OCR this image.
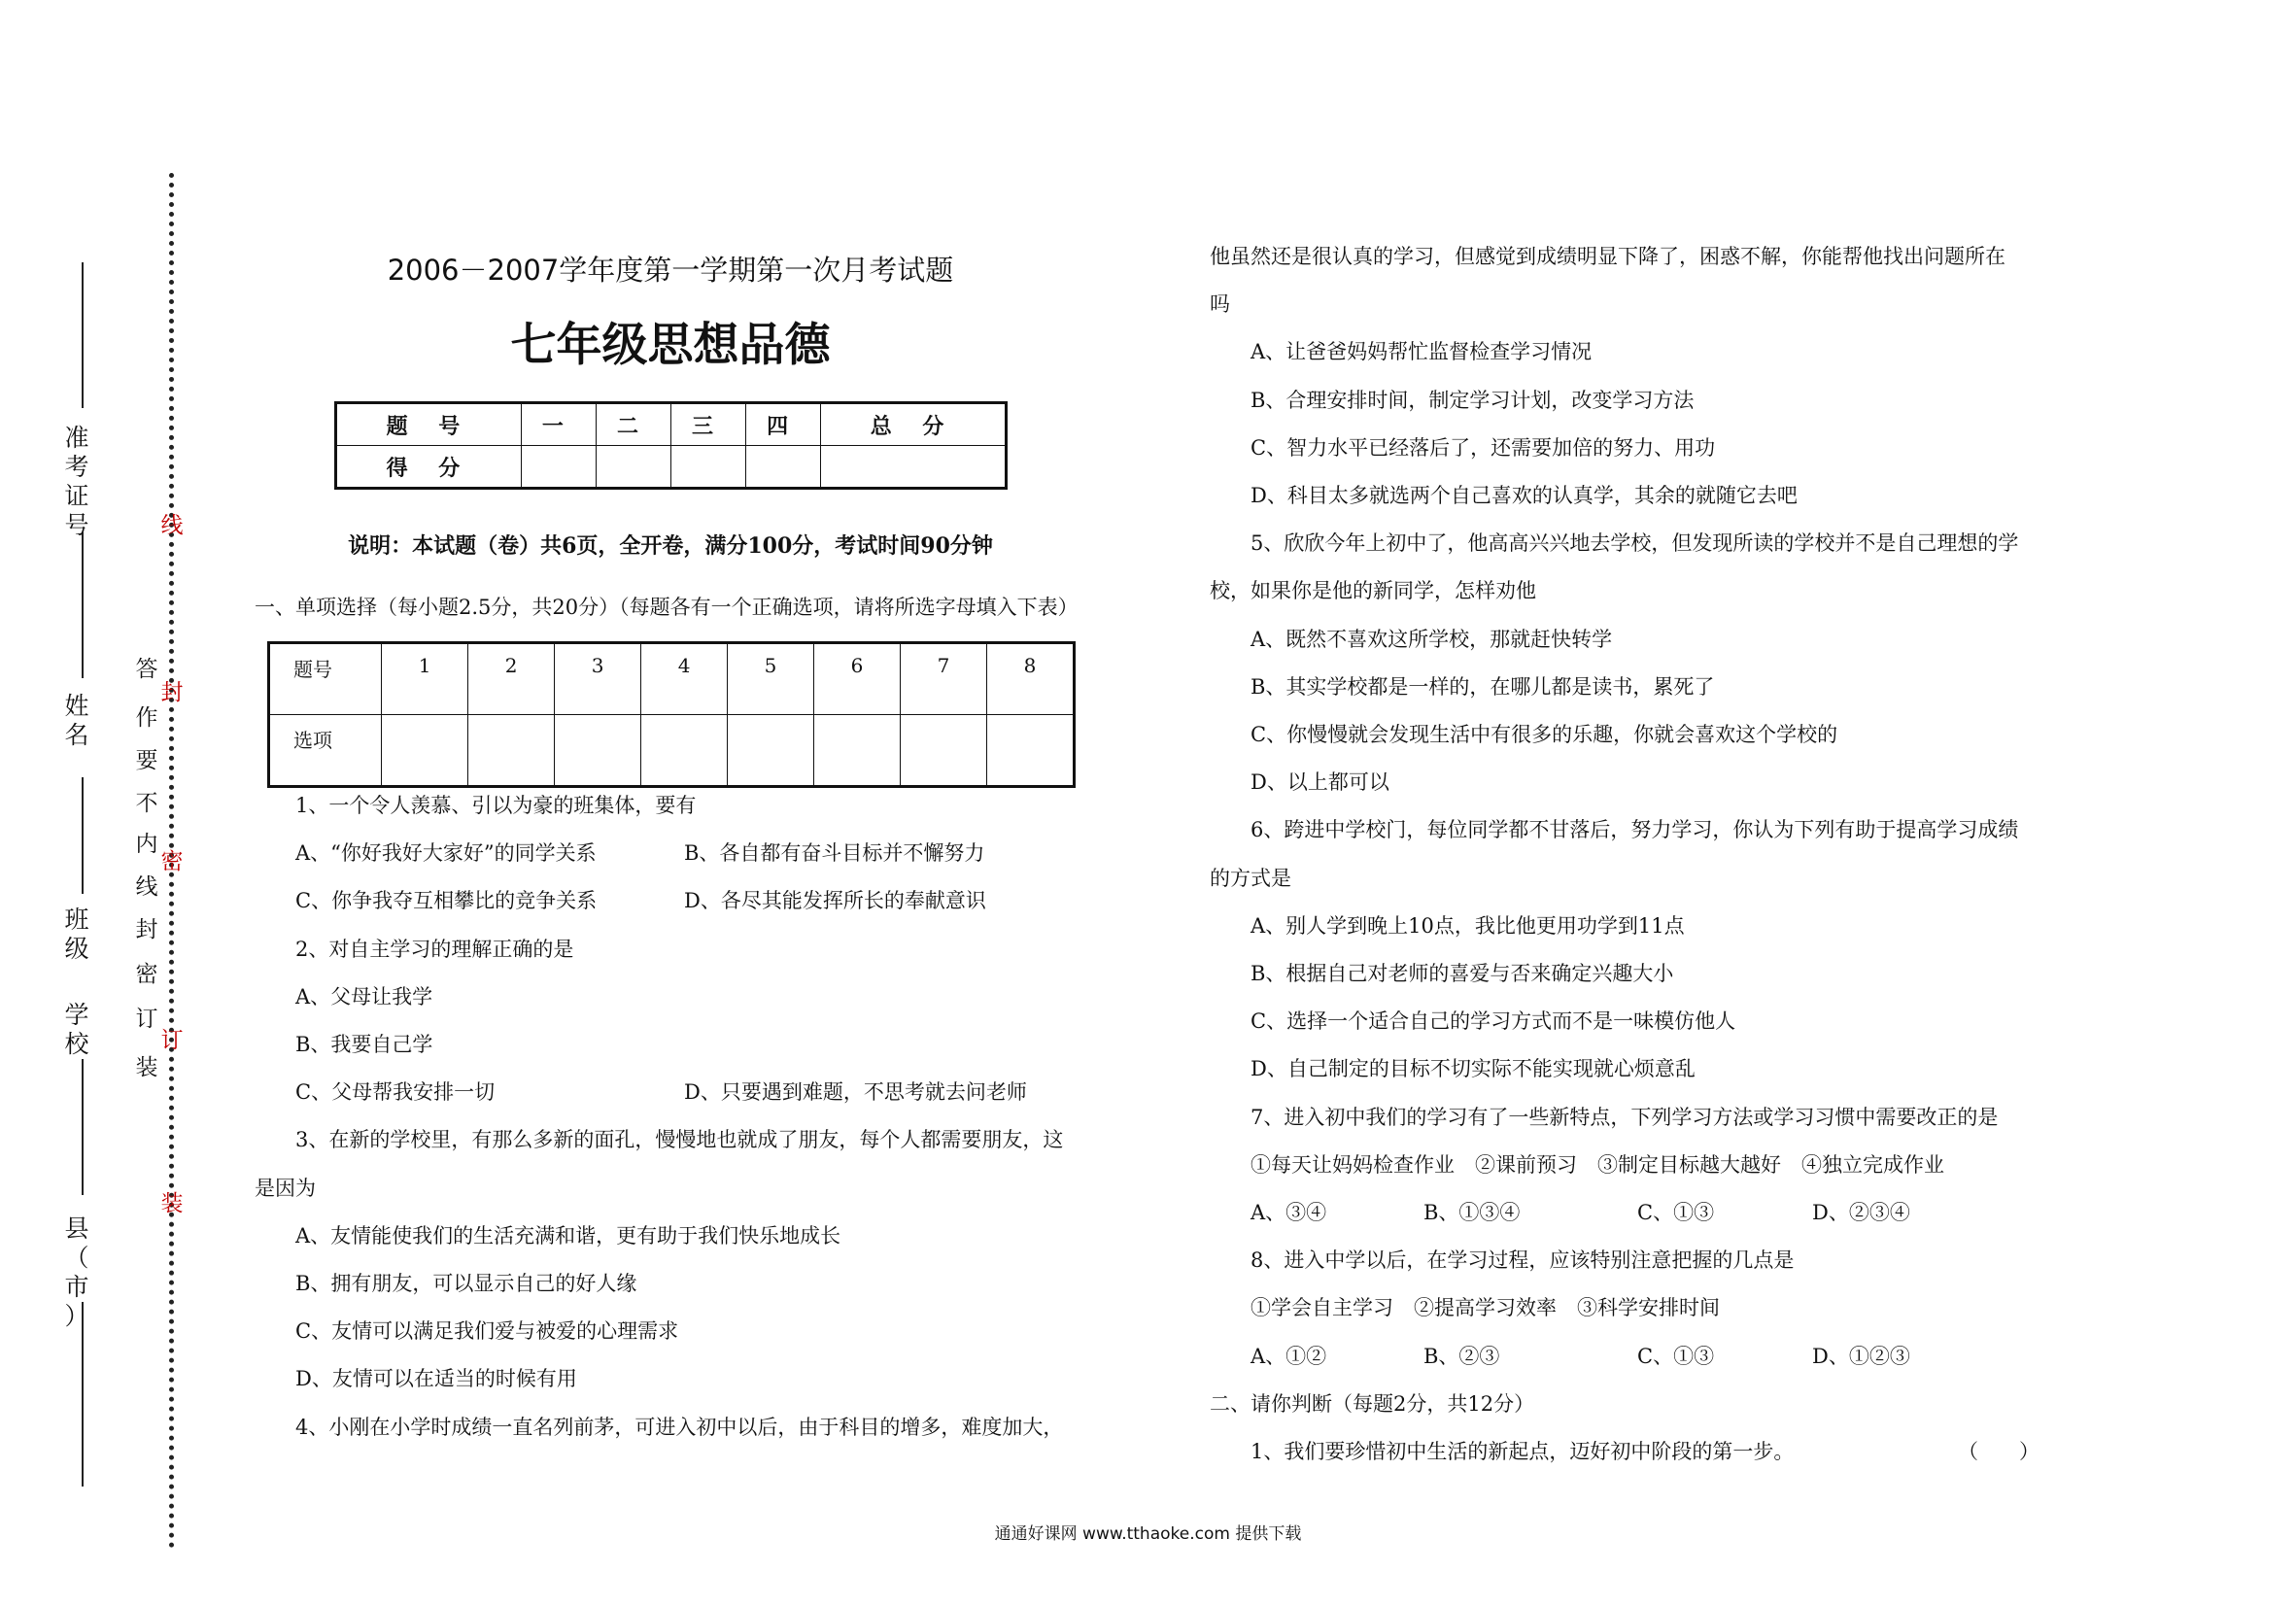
准
考
证
号
姓
名
班
级
学
校
县
（
市
）
线
封
密
订
装
答
作
要
不
内
线
封
密
订
装
2006－2007学年度第一学期第一次月考试题
七年级思想品德
题 号	一	二	三	四	总 分
得 分					
说明：本试题（卷）共6页，全开卷，满分100分，考试时间90分钟
一、单项选择（每小题2.5分，共20分）（每题各有一个正确选项，请将所选字母填入下表）
题号	1	2	3	4	5	6	7	8
选项								
1、一个令人羡慕、引以为豪的班集体，要有
A、“你好我好大家好”的同学关系	B、各自都有奋斗目标并不懈努力
C、你争我夺互相攀比的竞争关系	D、各尽其能发挥所长的奉献意识
2、对自主学习的理解正确的是
A、父母让我学
B、我要自己学
C、父母帮我安排一切	D、只要遇到难题，不思考就去问老师
3、在新的学校里，有那么多新的面孔，慢慢地也就成了朋友，每个人都需要朋友，这
是因为
A、友情能使我们的生活充满和谐，更有助于我们快乐地成长
B、拥有朋友，可以显示自己的好人缘
C、友情可以满足我们爱与被爱的心理需求
D、友情可以在适当的时候有用
4、小刚在小学时成绩一直名列前茅，可进入初中以后，由于科目的增多，难度加大，
他虽然还是很认真的学习，但感觉到成绩明显下降了，困惑不解，你能帮他找出问题所在
吗
A、让爸爸妈妈帮忙监督检查学习情况
B、合理安排时间，制定学习计划，改变学习方法
C、智力水平已经落后了，还需要加倍的努力、用功
D、科目太多就选两个自己喜欢的认真学，其余的就随它去吧
5、欣欣今年上初中了，他高高兴兴地去学校，但发现所读的学校并不是自己理想的学
校，如果你是他的新同学，怎样劝他
A、既然不喜欢这所学校，那就赶快转学
B、其实学校都是一样的，在哪儿都是读书，累死了
C、你慢慢就会发现生活中有很多的乐趣，你就会喜欢这个学校的
D、以上都可以
6、跨进中学校门，每位同学都不甘落后，努力学习，你认为下列有助于提高学习成绩
的方式是
A、别人学到晚上10点，我比他更用功学到11点
B、根据自己对老师的喜爱与否来确定兴趣大小
C、选择一个适合自己的学习方式而不是一味模仿他人
D、自己制定的目标不切实际不能实现就心烦意乱
7、进入初中我们的学习有了一些新特点，下列学习方法或学习习惯中需要改正的是
①每天让妈妈检查作业　②课前预习　③制定目标越大越好　④独立完成作业
A、③④	B、①③④	C、①③	D、②③④
8、进入中学以后，在学习过程，应该特别注意把握的几点是
①学会自主学习　②提高学习效率　③科学安排时间
A、①②	B、②③	C、①③	D、①②③
二、请你判断（每题2分，共12分）
1、我们要珍惜初中生活的新起点，迈好初中阶段的第一步。	（　　）
通通好课网 www.tthaoke.com 提供下载
